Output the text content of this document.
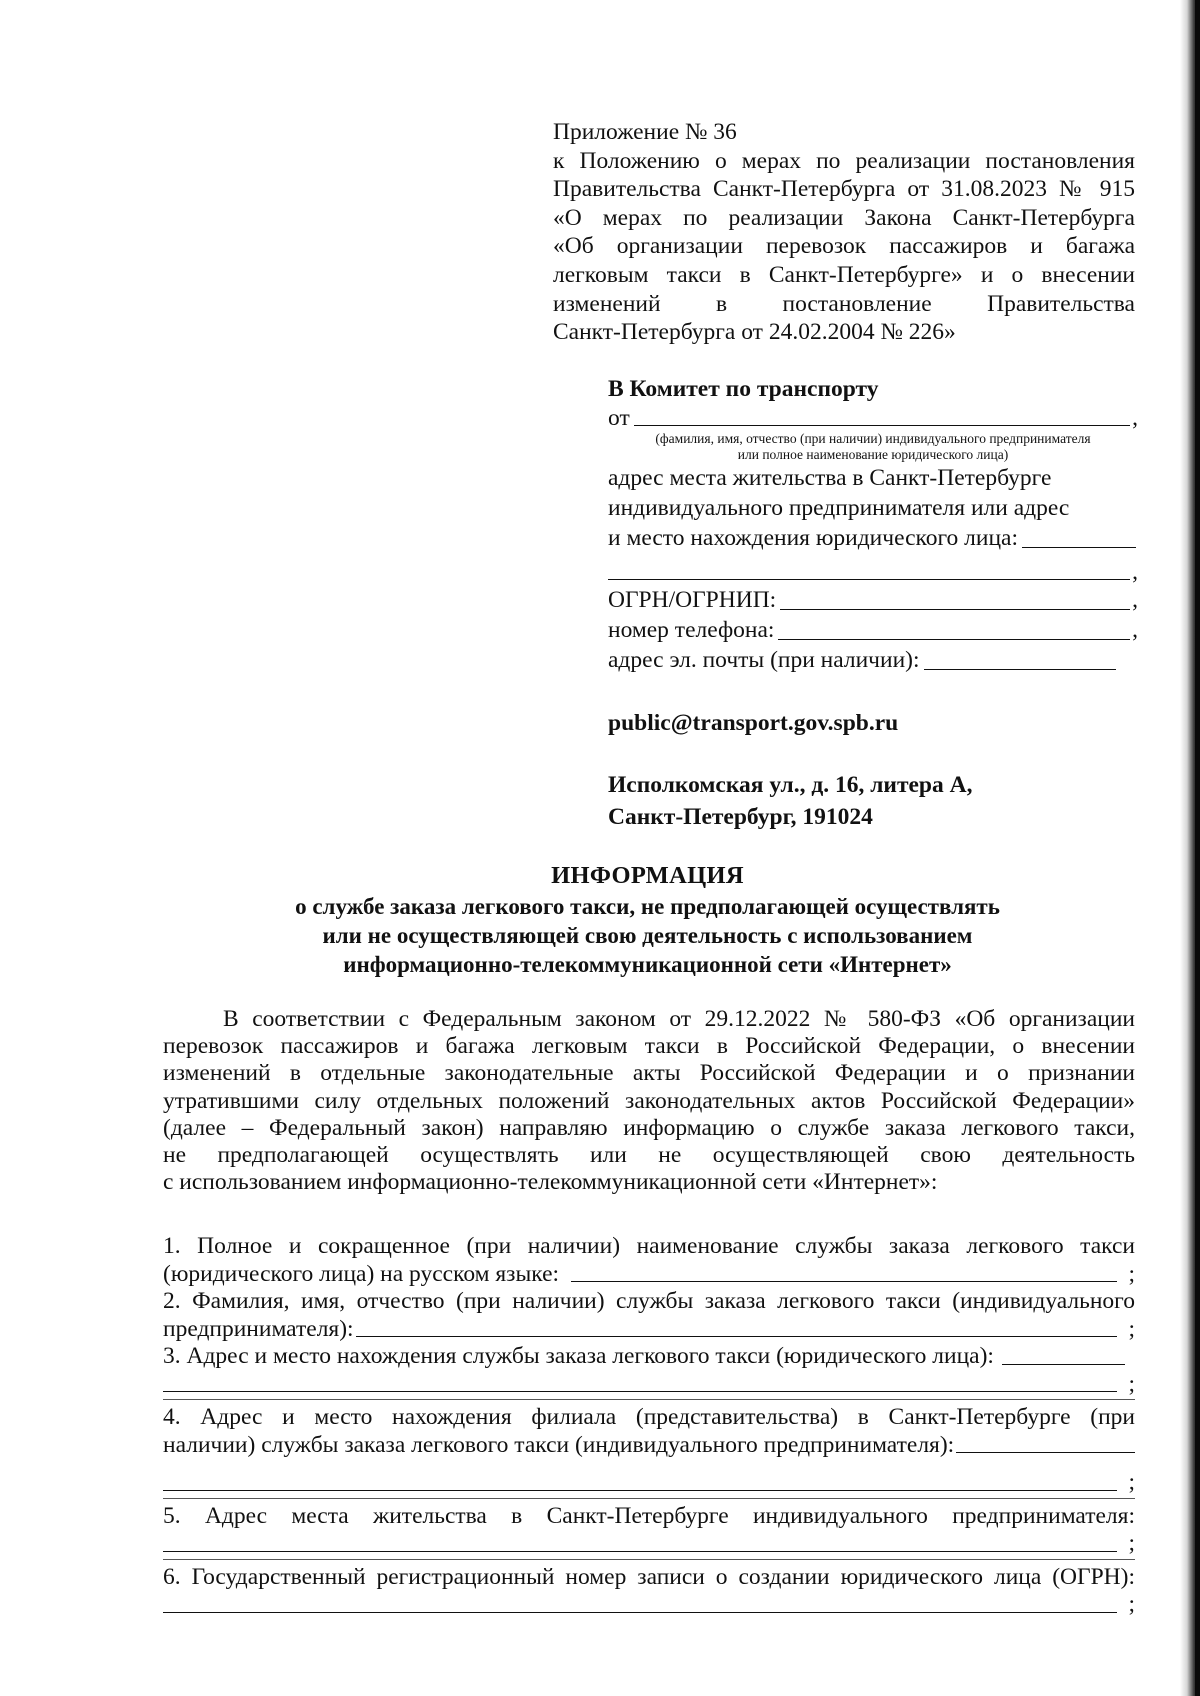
Приложение № 36
к Положению о мерах по реализации постановления
Правительства Санкт-Петербурга от 31.08.2023 № 915
«О мерах по реализации Закона Санкт-Петербурга
«Об организации перевозок пассажиров и багажа
легковым такси в Санкт-Петербурге» и о внесении
изменений в постановление Правительства
Санкт-Петербурга от 24.02.2004 № 226»
В Комитет по транспорту
от	,
(фамилия, имя, отчество (при наличии) индивидуального предпринимателя
или полное наименование юридического лица)
адрес места жительства в Санкт-Петербурге
индивидуального предпринимателя или адрес
и место нахождения юридического лица:
,
ОГРН/ОГРНИП:	,
номер телефона:	,
адрес эл. почты (при наличии):
public@transport.gov.spb.ru
Исполкомская ул., д. 16, литера А,
Санкт-Петербург, 191024
ИНФОРМАЦИЯ
о службе заказа легкового такси, не предполагающей осуществлять
или не осуществляющей свою деятельность с использованием
информационно-телекоммуникационной сети «Интернет»
В соответствии с Федеральным законом от 29.12.2022 № 580-ФЗ «Об организации
перевозок пассажиров и багажа легковым такси в Российской Федерации, о внесении
изменений в отдельные законодательные акты Российской Федерации и о признании
утратившими силу отдельных положений законодательных актов Российской Федерации»
(далее – Федеральный закон) направляю информацию о службе заказа легкового такси,
не предполагающей осуществлять или не осуществляющей свою деятельность
с использованием информационно-телекоммуникационной сети «Интернет»:
1. Полное и сокращенное (при наличии) наименование службы заказа легкового такси
(юридического лица) на русском языке:	;
2. Фамилия, имя, отчество (при наличии) службы заказа легкового такси (индивидуального
предпринимателя):	;
3. Адрес и место нахождения службы заказа легкового такси (юридического лица):
;
4. Адрес и место нахождения филиала (представительства) в Санкт-Петербурге (при
наличии) службы заказа легкового такси (индивидуального предпринимателя):
;
5. Адрес места жительства в Санкт-Петербурге индивидуального предпринимателя:
;
6. Государственный регистрационный номер записи о создании юридического лица (ОГРН):
;
